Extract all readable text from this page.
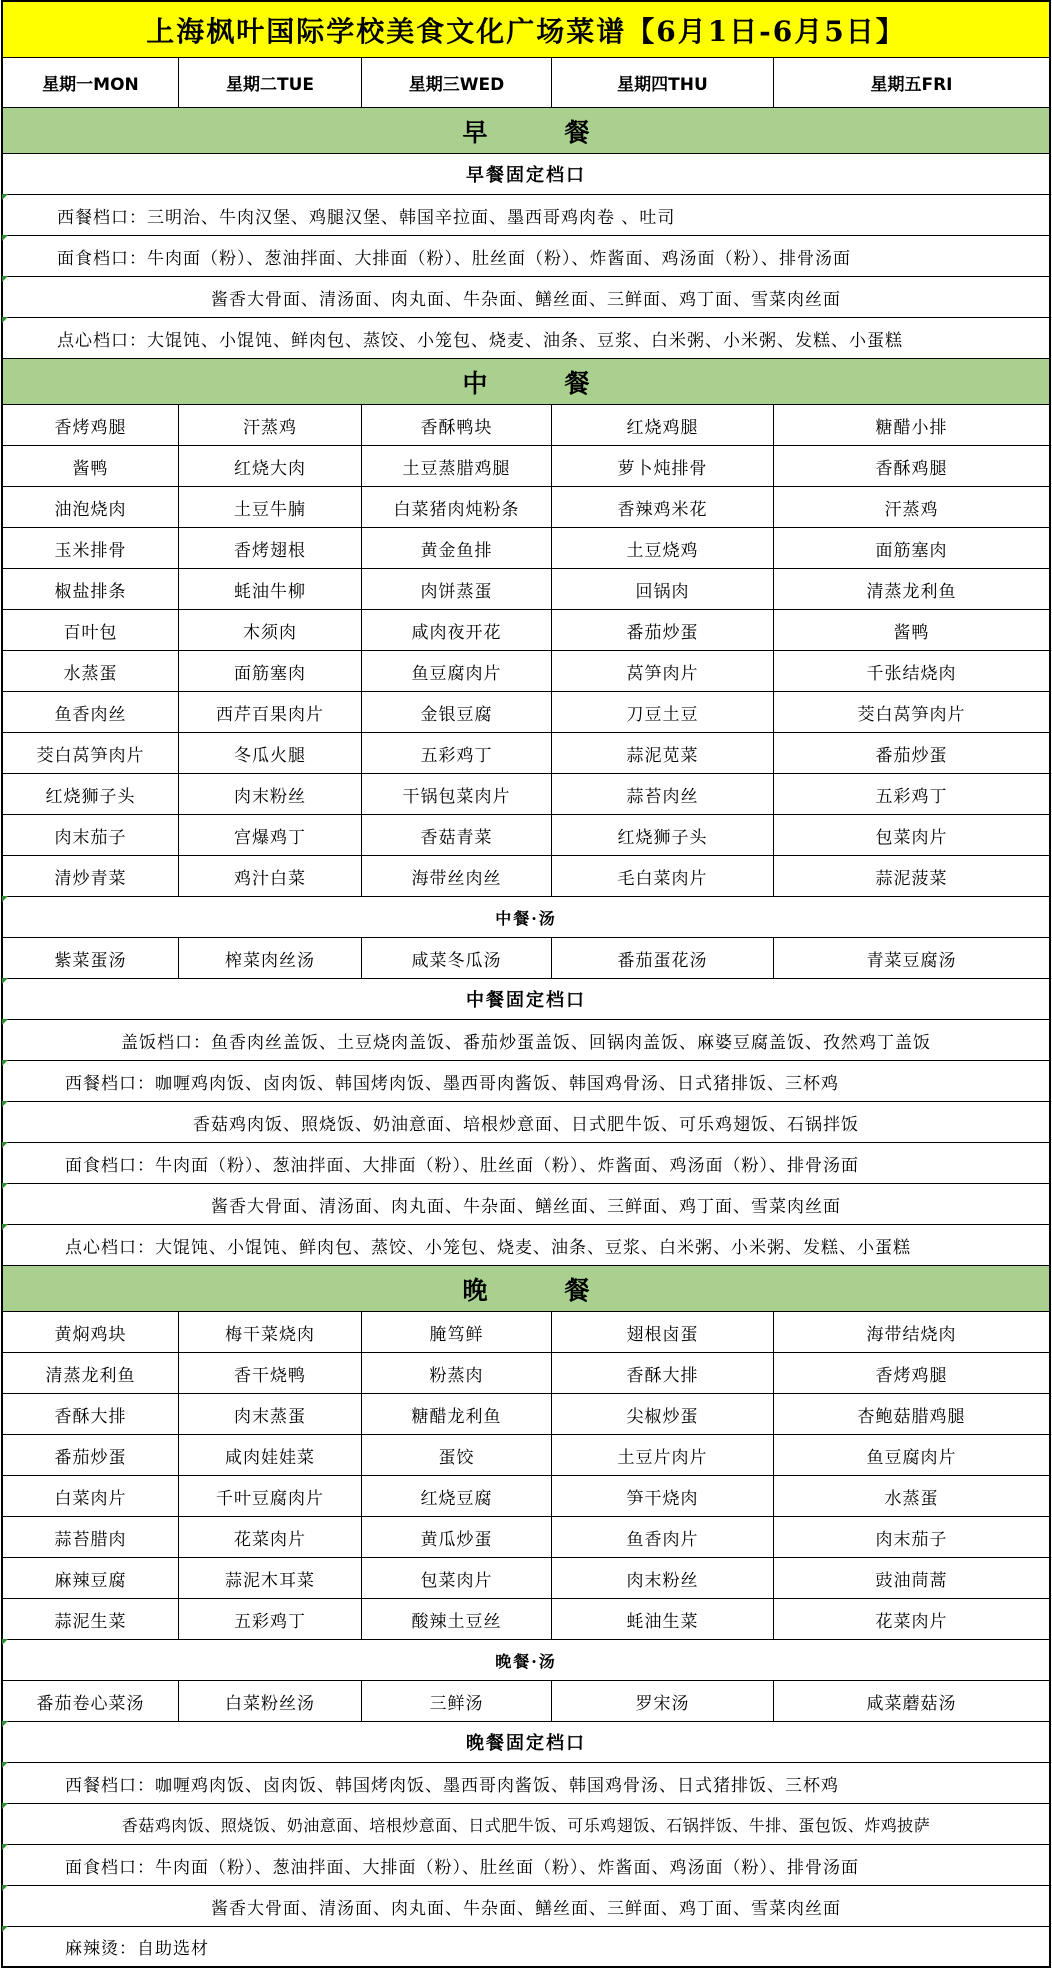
上海枫叶国际学校美食文化广场菜谱【6月1日-6月5日】
星期一MON	星期二TUE	星期三WED	星期四THU	星期五FRI
早　餐
早餐固定档口
西餐档口：三明治、牛肉汉堡、鸡腿汉堡、韩国辛拉面、墨西哥鸡肉卷 、吐司
面食档口：牛肉面（粉）、葱油拌面、大排面（粉）、肚丝面（粉）、炸酱面、鸡汤面（粉）、排骨汤面
酱香大骨面、清汤面、肉丸面、牛杂面、鳝丝面、三鲜面、鸡丁面、雪菜肉丝面
点心档口：大馄饨、小馄饨、鲜肉包、蒸饺、小笼包、烧麦、油条、豆浆、白米粥、小米粥、发糕、小蛋糕
中　餐
香烤鸡腿	汗蒸鸡	香酥鸭块	红烧鸡腿	糖醋小排
酱鸭	红烧大肉	土豆蒸腊鸡腿	萝卜炖排骨	香酥鸡腿
油泡烧肉	土豆牛腩	白菜猪肉炖粉条	香辣鸡米花	汗蒸鸡
玉米排骨	香烤翅根	黄金鱼排	土豆烧鸡	面筋塞肉
椒盐排条	蚝油牛柳	肉饼蒸蛋	回锅肉	清蒸龙利鱼
百叶包	木须肉	咸肉夜开花	番茄炒蛋	酱鸭
水蒸蛋	面筋塞肉	鱼豆腐肉片	莴笋肉片	千张结烧肉
鱼香肉丝	西芹百果肉片	金银豆腐	刀豆土豆	茭白莴笋肉片
茭白莴笋肉片	冬瓜火腿	五彩鸡丁	蒜泥苋菜	番茄炒蛋
红烧狮子头	肉末粉丝	干锅包菜肉片	蒜苔肉丝	五彩鸡丁
肉末茄子	宫爆鸡丁	香菇青菜	红烧狮子头	包菜肉片
清炒青菜	鸡汁白菜	海带丝肉丝	毛白菜肉片	蒜泥菠菜
中餐·汤
紫菜蛋汤	榨菜肉丝汤	咸菜冬瓜汤	番茄蛋花汤	青菜豆腐汤
中餐固定档口
盖饭档口：鱼香肉丝盖饭、土豆烧肉盖饭、番茄炒蛋盖饭、回锅肉盖饭、麻婆豆腐盖饭、孜然鸡丁盖饭
西餐档口：咖喱鸡肉饭、卤肉饭、韩国烤肉饭、墨西哥肉酱饭、韩国鸡骨汤、日式猪排饭、三杯鸡
香菇鸡肉饭、照烧饭、奶油意面、培根炒意面、日式肥牛饭、可乐鸡翅饭、石锅拌饭
面食档口：牛肉面（粉）、葱油拌面、大排面（粉）、肚丝面（粉）、炸酱面、鸡汤面（粉）、排骨汤面
酱香大骨面、清汤面、肉丸面、牛杂面、鳝丝面、三鲜面、鸡丁面、雪菜肉丝面
点心档口：大馄饨、小馄饨、鲜肉包、蒸饺、小笼包、烧麦、油条、豆浆、白米粥、小米粥、发糕、小蛋糕
晚　餐
黄焖鸡块	梅干菜烧肉	腌笃鲜	翅根卤蛋	海带结烧肉
清蒸龙利鱼	香干烧鸭	粉蒸肉	香酥大排	香烤鸡腿
香酥大排	肉末蒸蛋	糖醋龙利鱼	尖椒炒蛋	杏鲍菇腊鸡腿
番茄炒蛋	咸肉娃娃菜	蛋饺	土豆片肉片	鱼豆腐肉片
白菜肉片	千叶豆腐肉片	红烧豆腐	笋干烧肉	水蒸蛋
蒜苔腊肉	花菜肉片	黄瓜炒蛋	鱼香肉片	肉末茄子
麻辣豆腐	蒜泥木耳菜	包菜肉片	肉末粉丝	豉油茼蒿
蒜泥生菜	五彩鸡丁	酸辣土豆丝	蚝油生菜	花菜肉片
晚餐·汤
番茄卷心菜汤	白菜粉丝汤	三鲜汤	罗宋汤	咸菜蘑菇汤
晚餐固定档口
西餐档口：咖喱鸡肉饭、卤肉饭、韩国烤肉饭、墨西哥肉酱饭、韩国鸡骨汤、日式猪排饭、三杯鸡
香菇鸡肉饭、照烧饭、奶油意面、培根炒意面、日式肥牛饭、可乐鸡翅饭、石锅拌饭、牛排、蛋包饭、炸鸡披萨
面食档口：牛肉面（粉）、葱油拌面、大排面（粉）、肚丝面（粉）、炸酱面、鸡汤面（粉）、排骨汤面
酱香大骨面、清汤面、肉丸面、牛杂面、鳝丝面、三鲜面、鸡丁面、雪菜肉丝面
麻辣烫：自助选材
